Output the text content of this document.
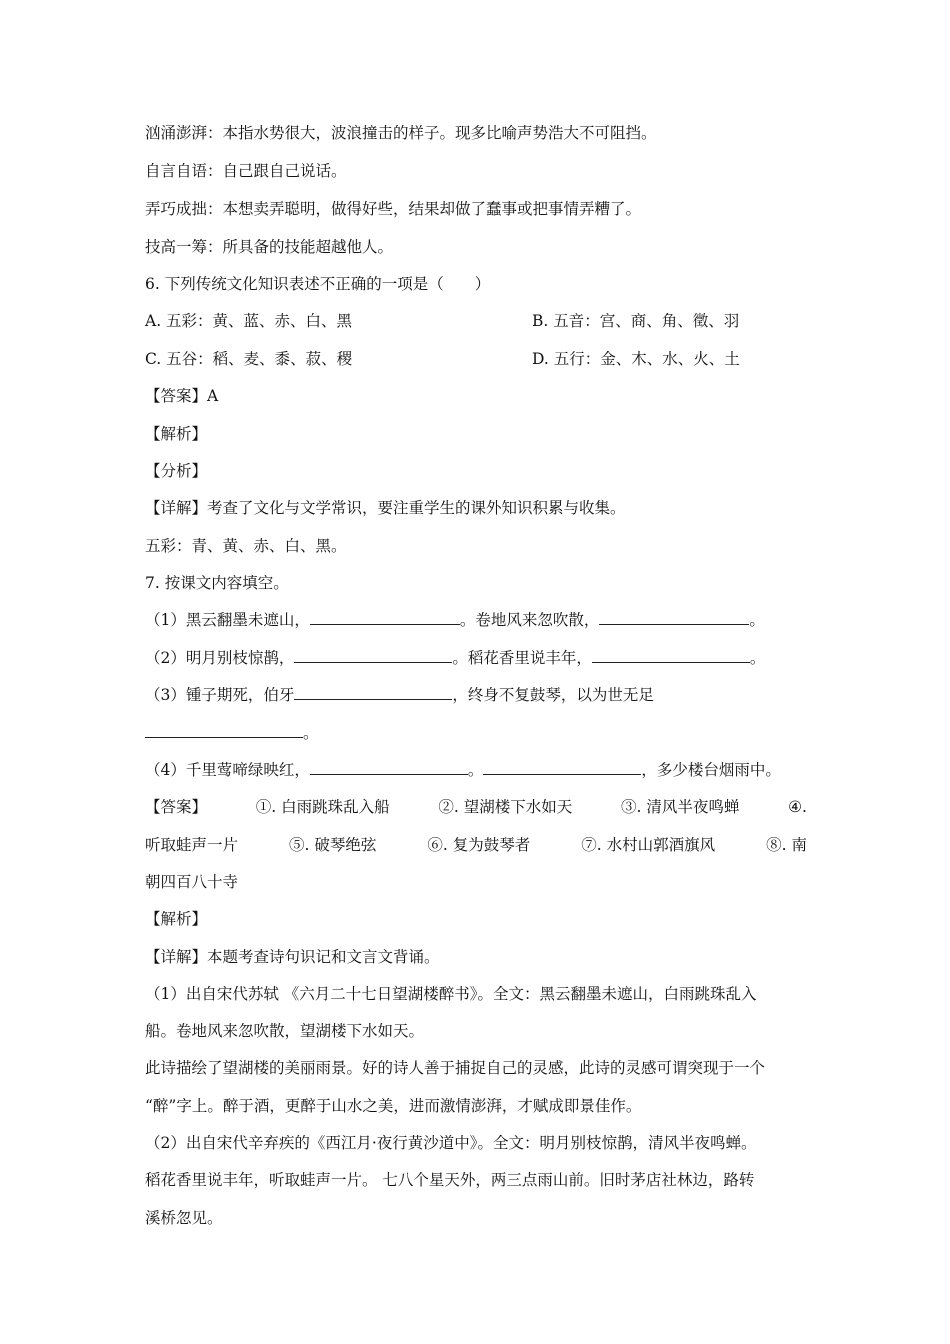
汹涌澎湃：本指水势很大，波浪撞击的样子。现多比喻声势浩大不可阻挡。
自言自语：自己跟自己说话。
弄巧成拙：本想卖弄聪明，做得好些，结果却做了蠢事或把事情弄糟了。
技高一筹：所具备的技能超越他人。
6. 下列传统文化知识表述不正确的一项是（　　）
A. 五彩：黄、蓝、赤、白、黑	B. 五音：宫、商、角、徵、羽
C. 五谷：稻、麦、黍、菽、稷	D. 五行：金、木、水、火、土
【答案】A
【解析】
【分析】
【详解】考查了文化与文学常识，要注重学生的课外知识积累与收集。
五彩：青、黄、赤、白、黑。
7. 按课文内容填空。
（1）黑云翻墨未遮山，	。卷地风来忽吹散，	。
（2）明月别枝惊鹊，	。稻花香里说丰年，	。
（3）锺子期死，伯牙	，终身不复鼓琴，以为世无足
。
（4）千里莺啼绿映红，	。	，多少楼台烟雨中。
【答案】	①. 白雨跳珠乱入船	②. 望湖楼下水如天	③. 清风半夜鸣蝉	④.
听取蛙声一片	⑤. 破琴绝弦	⑥. 复为鼓琴者	⑦. 水村山郭酒旗风	⑧. 南
朝四百八十寺
【解析】
【详解】本题考查诗句识记和文言文背诵。
（1）出自宋代苏轼 《六月二十七日望湖楼醉书》。全文：黑云翻墨未遮山，白雨跳珠乱入
船。卷地风来忽吹散，望湖楼下水如天。
此诗描绘了望湖楼的美丽雨景。好的诗人善于捕捉自己的灵感，此诗的灵感可谓突现于一个
“醉”字上。醉于酒，更醉于山水之美，进而激情澎湃，才赋成即景佳作。
（2）出自宋代辛弃疾的《西江月·夜行黄沙道中》。全文：明月别枝惊鹊，清风半夜鸣蝉。
稻花香里说丰年，听取蛙声一片。 七八个星天外，两三点雨山前。旧时茅店社林边，路转
溪桥忽见。
